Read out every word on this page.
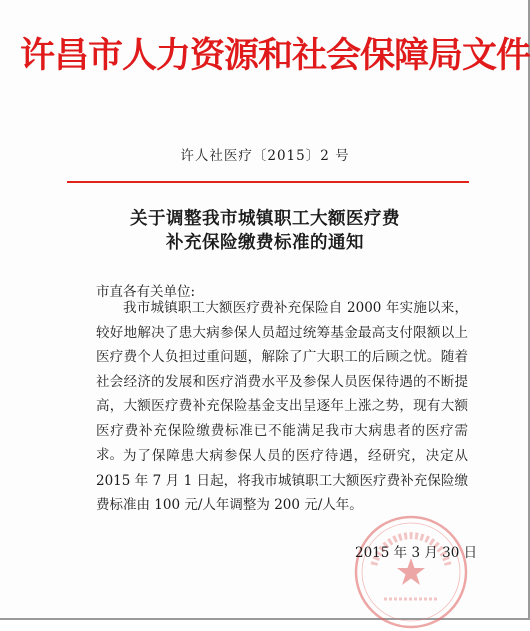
许昌市人力资源和社会保障局文件
许人社医疗〔2015〕2 号
关于调整我市城镇职工大额医疗费
补充保险缴费标准的通知
市直各有关单位:

我市城镇职工大额医疗费补充保险自 2000 年实施以来，较好地解决了患大病参保人员超过统筹基金最高支付限额以上医疗费个人负担过重问题，解除了广大职工的后顾之忧。随着社会经济的发展和医疗消费水平及参保人员医保待遇的不断提高，大额医疗费补充保险基金支出呈逐年上涨之势，现有大额医疗费补充保险缴费标准已不能满足我市大病患者的医疗需求。 为了保障患大病参保人员的医疗待遇，经研究，决定从 2015 年 7 月 1 日起，将我市城镇职工大额医疗费补充保险缴费标准由 100 元/人年调整为 200 元/人年。

2015 年 3 月 30 日
